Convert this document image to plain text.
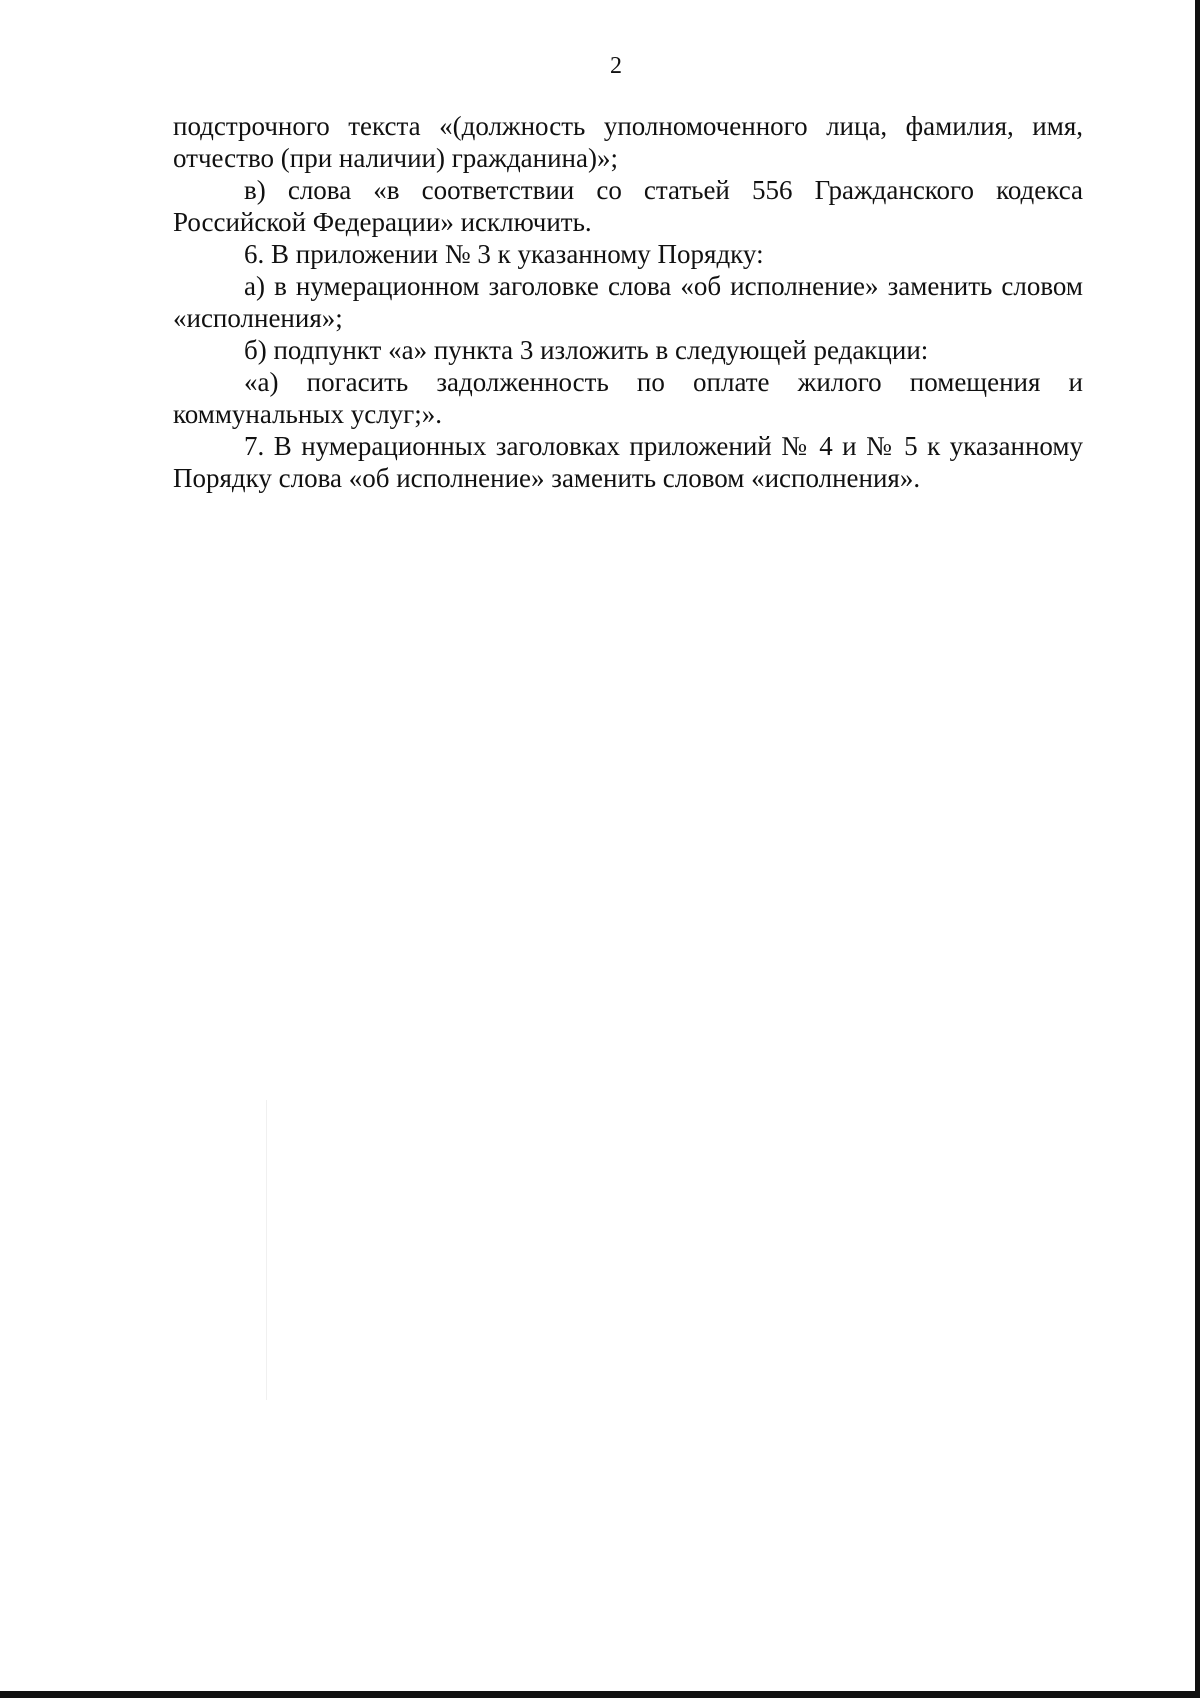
2

подстрочного текста «(должность уполномоченного лица, фамилия, имя, отчество (при наличии) гражданина)»;

в) слова «в соответствии со статьей 556 Гражданского кодекса Российской Федерации» исключить.

6. В приложении № 3 к указанному Порядку:

а) в нумерационном заголовке слова «об исполнение» заменить словом «исполнения»;

б) подпункт «а» пункта 3 изложить в следующей редакции:

«а) погасить задолженность по оплате жилого помещения и коммунальных услуг;».

7. В нумерационных заголовках приложений № 4 и № 5 к указанному Порядку слова «об исполнение» заменить словом «исполнения».
